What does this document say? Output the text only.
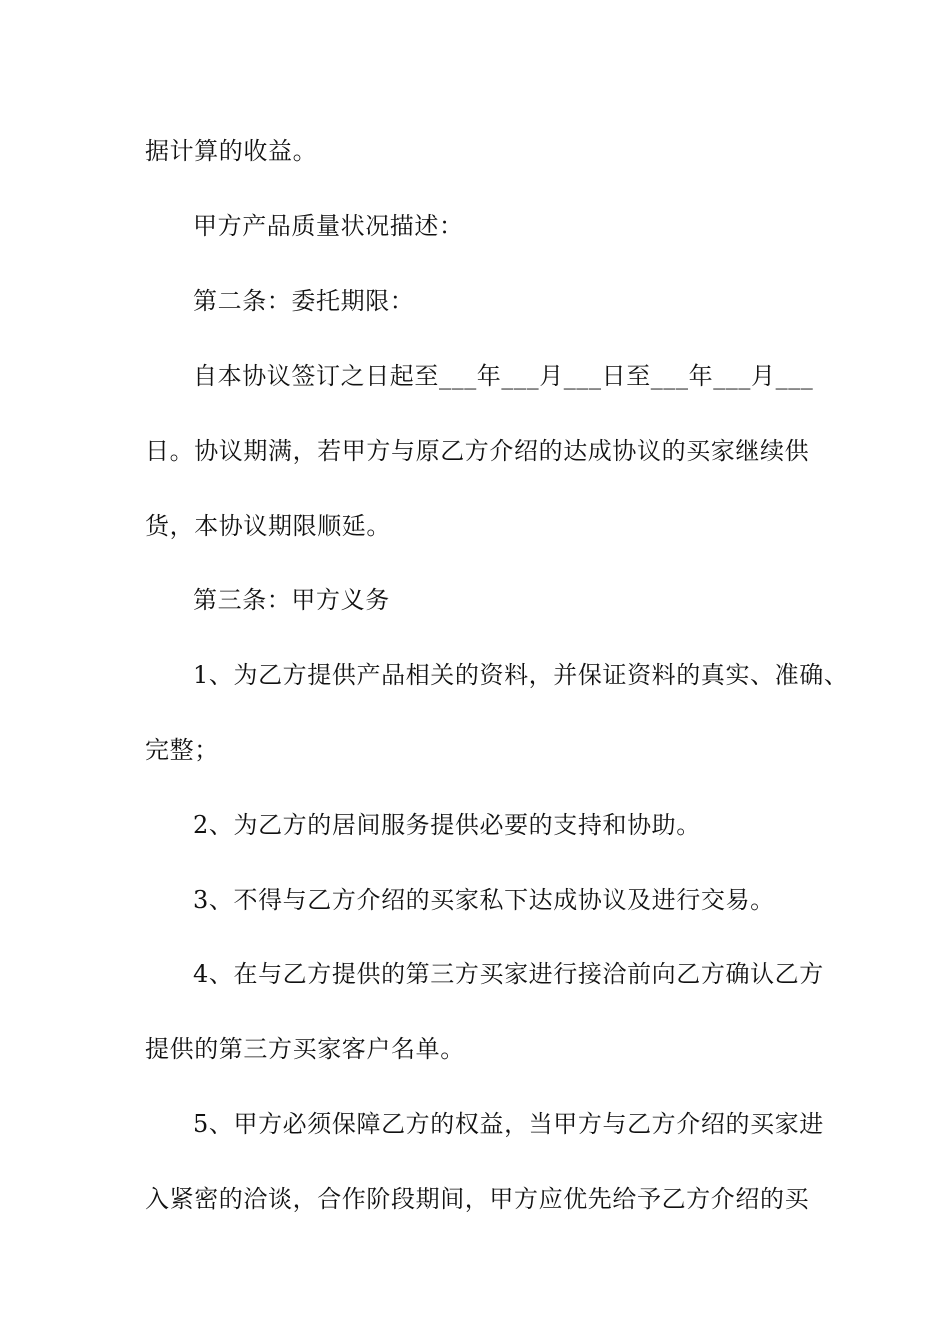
据计算的收益。
甲方产品质量状况描述：
第二条：委托期限：
自本协议签订之日起至___年___月___日至___年___月___
日。协议期满，若甲方与原乙方介绍的达成协议的买家继续供
货，本协议期限顺延。
第三条：甲方义务
1、为乙方提供产品相关的资料，并保证资料的真实、准确、
完整；
2、为乙方的居间服务提供必要的支持和协助。
3、不得与乙方介绍的买家私下达成协议及进行交易。
4、在与乙方提供的第三方买家进行接洽前向乙方确认乙方
提供的第三方买家客户名单。
5、甲方必须保障乙方的权益，当甲方与乙方介绍的买家进
入紧密的洽谈，合作阶段期间，甲方应优先给予乙方介绍的买
